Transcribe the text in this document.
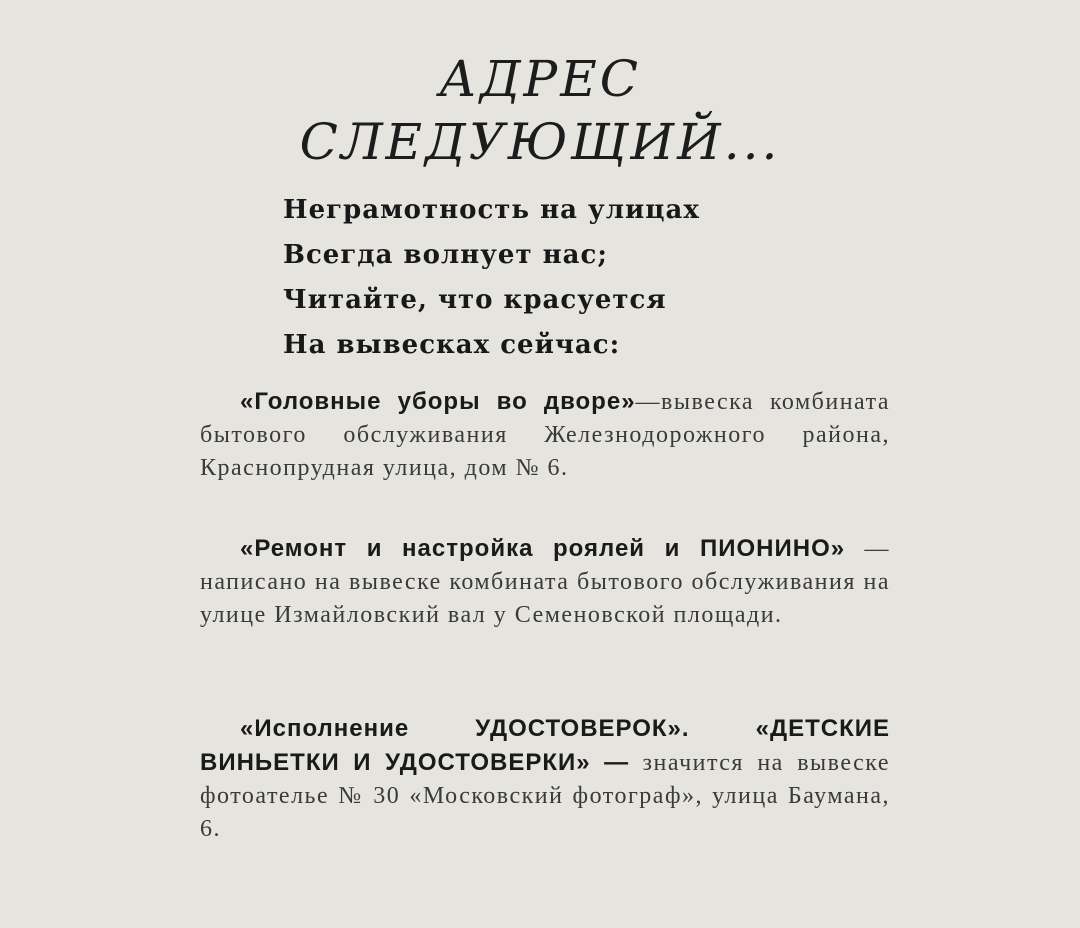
АДРЕС
СЛЕДУЮЩИЙ...
Неграмотность на улицах
Всегда волнует нас;
Читайте, что красуется
На вывесках сейчас:

«Головные уборы во дворе»—вывеска комбината бытового обслуживания Железнодорожного района, Краснопрудная улица, дом № 6.

«Ремонт и настройка роялей и ПИОНИНО» — написано на вывеске комбината бытового обслуживания на улице Измайловский вал у Семеновской площади.

«Исполнение УДОСТОВЕРОК». «ДЕТСКИЕ ВИНЬЕТКИ И УДОСТОВЕРКИ» — значится на вывеске фотоателье № 30 «Московский фотограф», улица Баумана, 6.
